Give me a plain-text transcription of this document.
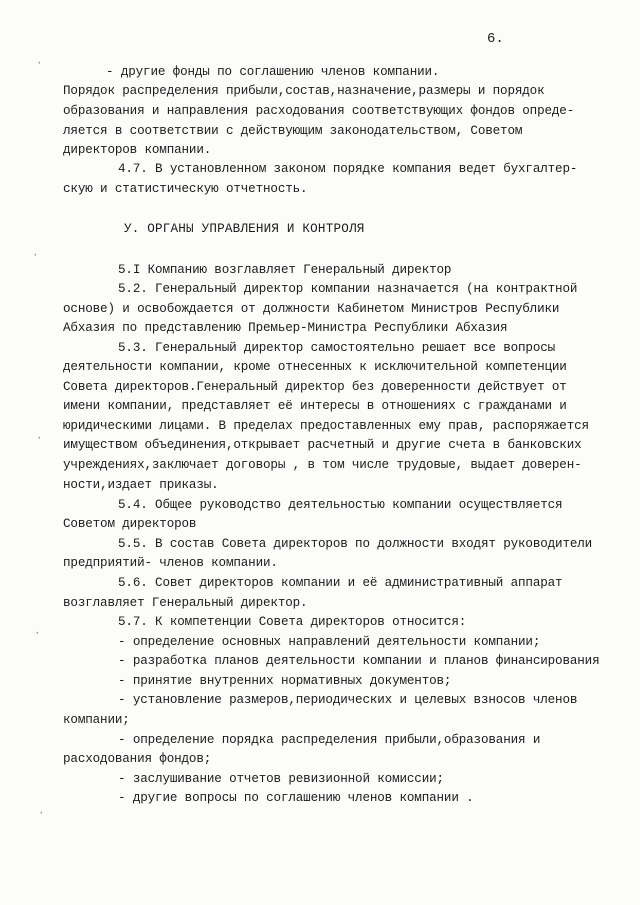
6.
- другие фонды по соглашению членов компании.
Порядок распределения прибыли,состав,назначение,размеры и порядок
образования и направления расходования соответствующих фондов опреде-
ляется в соответствии с действующим законодательством, Советом
директоров компании.
4.7. В установленном законом порядке компания ведет бухгалтер-
скую и статистическую отчетность.
У. ОРГАНЫ УПРАВЛЕНИЯ И КОНТРОЛЯ
5.I Компанию возглавляет Генеральный директор
5.2. Генеральный директор компании назначается (на контрактной
основе) и освобождается от должности Кабинетом Министров Республики
Абхазия по представлению Премьер-Министра Республики Абхазия
5.3. Генеральный директор самостоятельно решает все вопросы
деятельности компании, кроме отнесенных к исключительной компетенции
Совета директоров.Генеральный директор без доверенности действует от
имени компании, представляет её интересы в отношениях с гражданами и
юридическими лицами. В пределах предоставленных ему прав, распоряжается
имуществом объединения,открывает расчетный и другие счета в банковских
учреждениях,заключает договоры , в том числе трудовые, выдает доверен-
ности,издает приказы.
5.4. Общее руководство деятельностью компании осуществляется
Советом директоров
5.5. В состав Совета директоров по должности входят руководители
предприятий- членов компании.
5.6. Совет директоров компании и её административный аппарат
возглавляет Генеральный директор.
5.7. К компетенции Совета директоров относится:
- определение основных направлений деятельности компании;
- разработка планов деятельности компании и планов финансирования
- принятие внутренних нормативных документов;
- установление размеров,периодических и целевых взносов членов
компании;
- определение порядка распределения прибыли,образования и
расходования фондов;
- заслушивание отчетов ревизионной комиссии;
- другие вопросы по соглашению членов компании .
·
·
·
·
·
